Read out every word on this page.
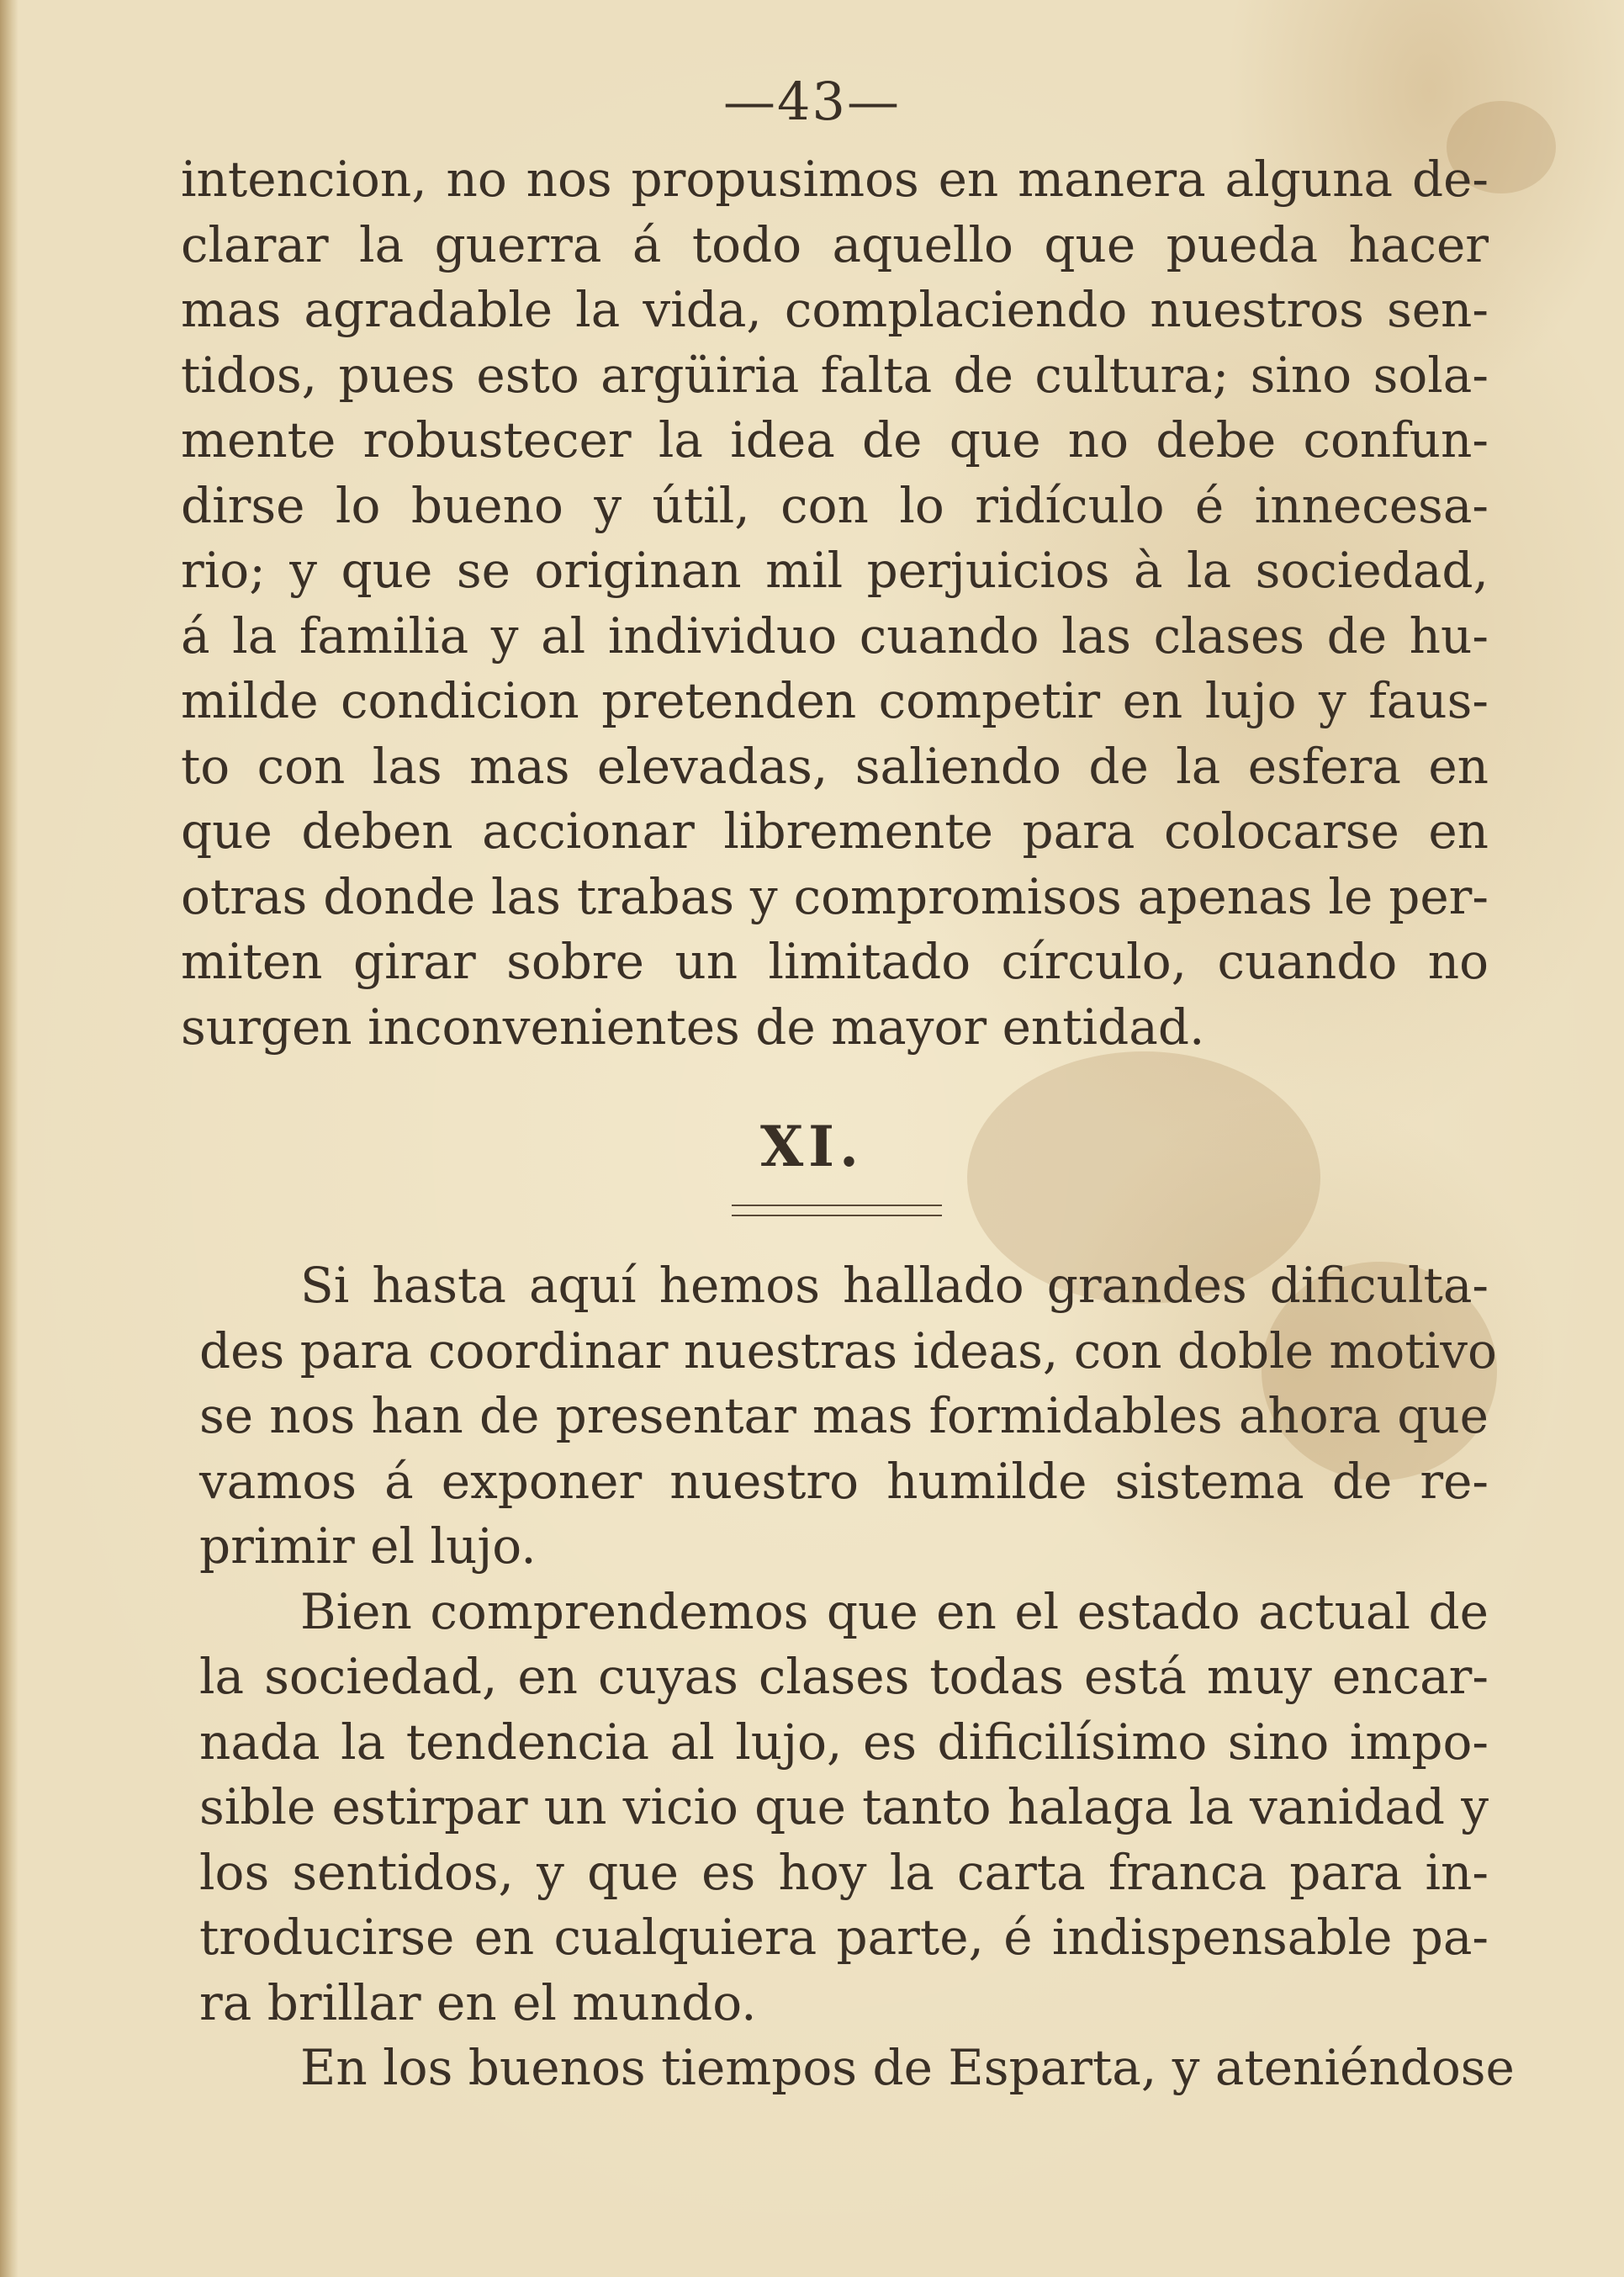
—43—
intencion, no nos propusimos en manera alguna de-
clarar la guerra á todo aquello que pueda hacer
mas agradable la vida, complaciendo nuestros sen-
tidos, pues esto argüiria falta de cultura; sino sola-
mente robustecer la idea de que no debe confun-
dirse lo bueno y útil, con lo ridículo é innecesa-
rio; y que se originan mil perjuicios à la sociedad,
á la familia y al individuo cuando las clases de hu-
milde condicion pretenden competir en lujo y faus-
to con las mas elevadas, saliendo de la esfera en
que deben accionar libremente para colocarse en
otras donde las trabas y compromisos apenas le per-
miten girar sobre un limitado círculo, cuando no
surgen inconvenientes de mayor entidad.
XI.
Si hasta aquí hemos hallado grandes dificulta-
des para coordinar nuestras ideas, con doble motivo
se nos han de presentar mas formidables ahora que
vamos á exponer nuestro humilde sistema de re-
primir el lujo.
Bien comprendemos que en el estado actual de
la sociedad, en cuyas clases todas está muy encar-
nada la tendencia al lujo, es dificilísimo sino impo-
sible estirpar un vicio que tanto halaga la vanidad y
los sentidos, y que es hoy la carta franca para in-
troducirse en cualquiera parte, é indispensable pa-
ra brillar en el mundo.
En los buenos tiempos de Esparta, y ateniéndose
